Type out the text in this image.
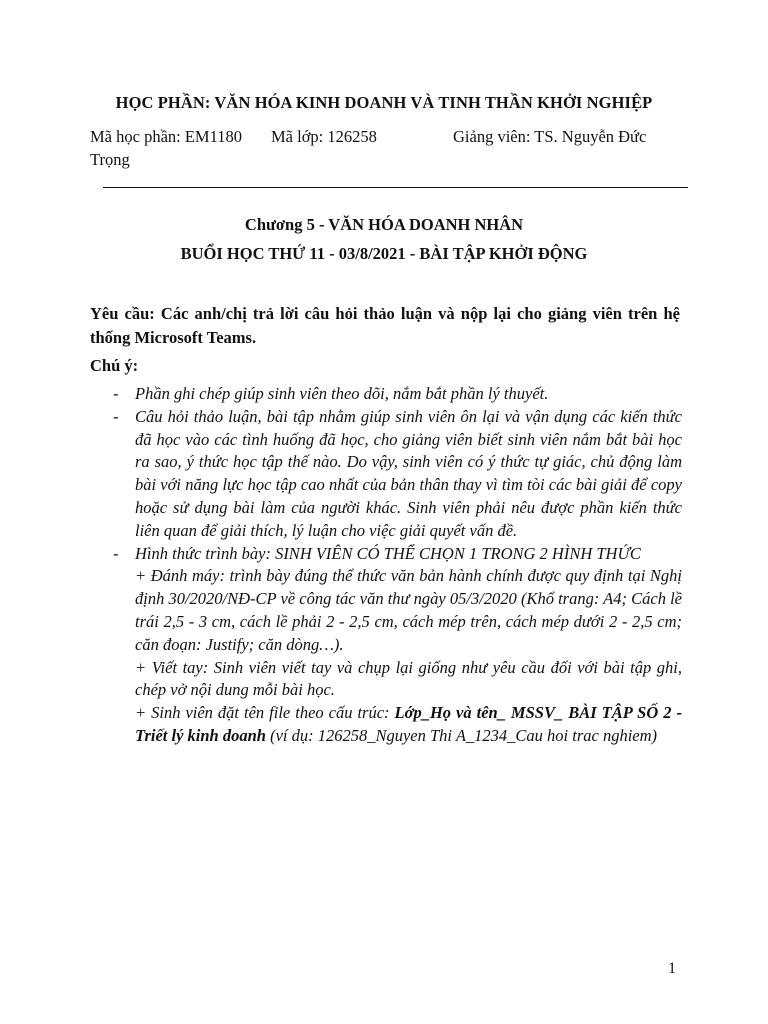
HỌC PHẦN: VĂN HÓA KINH DOANH VÀ TINH THẦN KHỞI NGHIỆP
Mã học phần: EM1180 Mã lớp: 126258	Giảng viên: TS. Nguyễn Đức
Trọng
Chương 5 - VĂN HÓA DOANH NHÂN
BUỔI HỌC THỨ 11 - 03/8/2021 - BÀI TẬP KHỞI ĐỘNG
Yêu cầu: Các anh/chị trả lời câu hỏi thảo luận và nộp lại cho giảng viên trên hệ thống Microsoft Teams.
Chú ý:
- Phần ghi chép giúp sinh viên theo dõi, nắm bắt phần lý thuyết.
- Câu hỏi thảo luận, bài tập nhằm giúp sinh viên ôn lại và vận dụng các kiến thức đã học vào các tình huống đã học, cho giảng viên biết sinh viên nắm bắt bài học ra sao, ý thức học tập thế nào. Do vậy, sinh viên có ý thức tự giác, chủ động làm bài với năng lực học tập cao nhất của bản thân thay vì tìm tòi các bài giải để copy hoặc sử dụng bài làm của người khác. Sinh viên phải nêu được phần kiến thức liên quan để giải thích, lý luận cho việc giải quyết vấn đề.
- Hình thức trình bày: SINH VIÊN CÓ THỂ CHỌN 1 TRONG 2 HÌNH THỨC
+ Đánh máy: trình bày đúng thể thức văn bản hành chính được quy định tại Nghị định 30/2020/NĐ-CP về công tác văn thư ngày 05/3/2020 (Khổ trang: A4; Cách lề trái 2,5 - 3 cm, cách lề phải 2 - 2,5 cm, cách mép trên, cách mép dưới 2 - 2,5 cm; căn đoạn: Justify; căn dòng…).
+ Viết tay: Sinh viên viết tay và chụp lại giống như yêu cầu đối với bài tập ghi, chép vở nội dung mỗi bài học.
+ Sinh viên đặt tên file theo cấu trúc: Lớp_Họ và tên_ MSSV_ BÀI TẬP SỐ 2 - Triết lý kinh doanh (ví dụ: 126258_Nguyen Thi A_1234_Cau hoi trac nghiem)
1
